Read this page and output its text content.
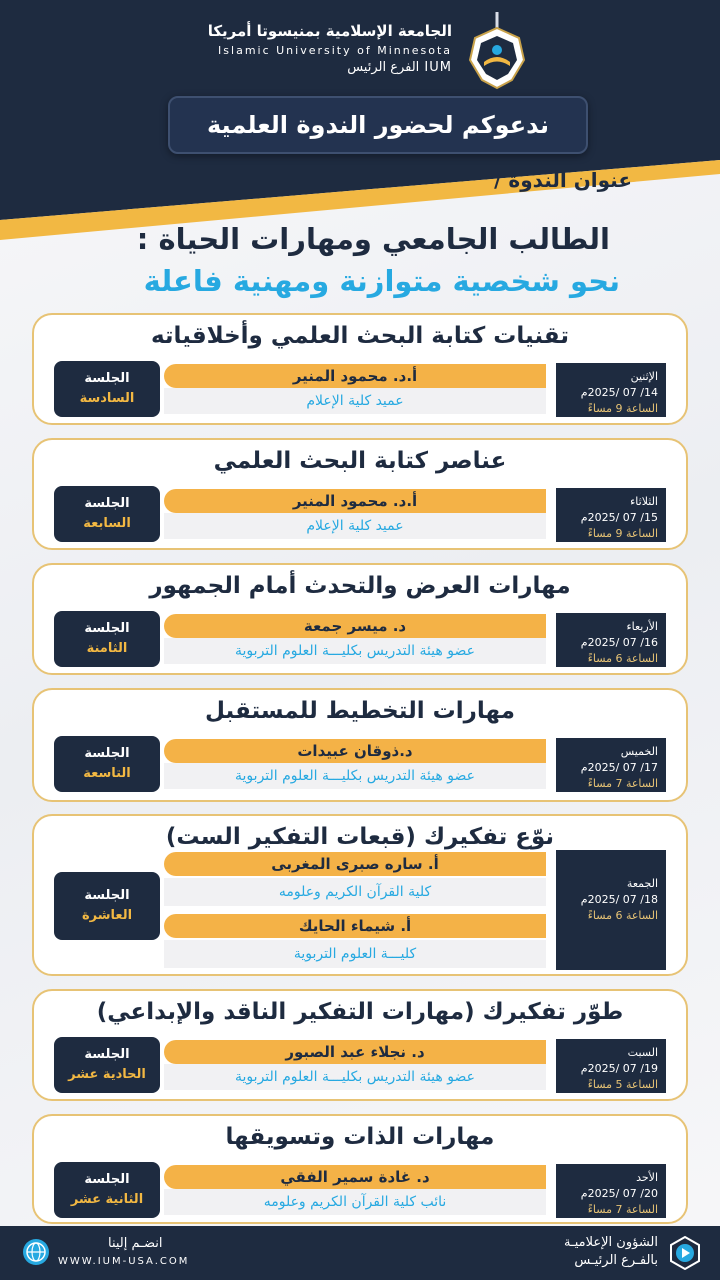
الجامعة الإسلامية بمنيسوتا أمريكا
Islamic University of Minnesota
IUM الفرع الرئيس
ندعوكم لحضور الندوة العلمية
عنوان الندوة /
الطالب الجامعي ومهارات الحياة :
نحو شخصية متوازنة ومهنية فاعلة
تقنيات كتابة البحث العلمي وأخلاقياته
الإثنين
14/ 07 /2025م
الساعة 9 مساءً
أ.د. محمود المنير
عميد كلية الإعلام
الجلسة
السادسة
عناصر كتابة البحث العلمي
الثلاثاء
15/ 07 /2025م
الساعة 9 مساءً
أ.د. محمود المنير
عميد كلية الإعلام
الجلسة
السابعة
مهارات العرض والتحدث أمام الجمهور
الأربعاء
16/ 07 /2025م
الساعة 6 مساءً
د. ميسر جمعة
عضو هيئة التدريس بكليـــة العلوم التربوية
الجلسة
الثامنة
مهارات التخطيط للمستقبل
الخميس
17/ 07 /2025م
الساعة 7 مساءً
د.ذوقان عبيدات
عضو هيئة التدريس بكليـــة العلوم التربوية
الجلسة
التاسعة
نوّع تفكيرك (قبعات التفكير الست)
الجمعة
18/ 07 /2025م
الساعة 6 مساءً
أ. ساره صبرى المغربى
كلية القرآن الكريم وعلومه
أ. شيماء الحايك
كليـــة العلوم التربوية
الجلسة
العاشرة
طوّر تفكيرك (مهارات التفكير الناقد والإبداعي)
السبت
19/ 07 /2025م
الساعة 5 مساءً
د. نجلاء عبد الصبور
عضو هيئة التدريس بكليـــة العلوم التربوية
الجلسة
الحادية عشر
مهارات الذات وتسويقها
الأحد
20/ 07 /2025م
الساعة 7 مساءً
د. غادة سمير الفقي
نائب كلية القرآن الكريم وعلومه
الجلسة
الثانية عشر
انضـم إلينا
WWW.IUM-USA.COM
الشؤون الإعلاميـة
بالفـرع الرئيـس
